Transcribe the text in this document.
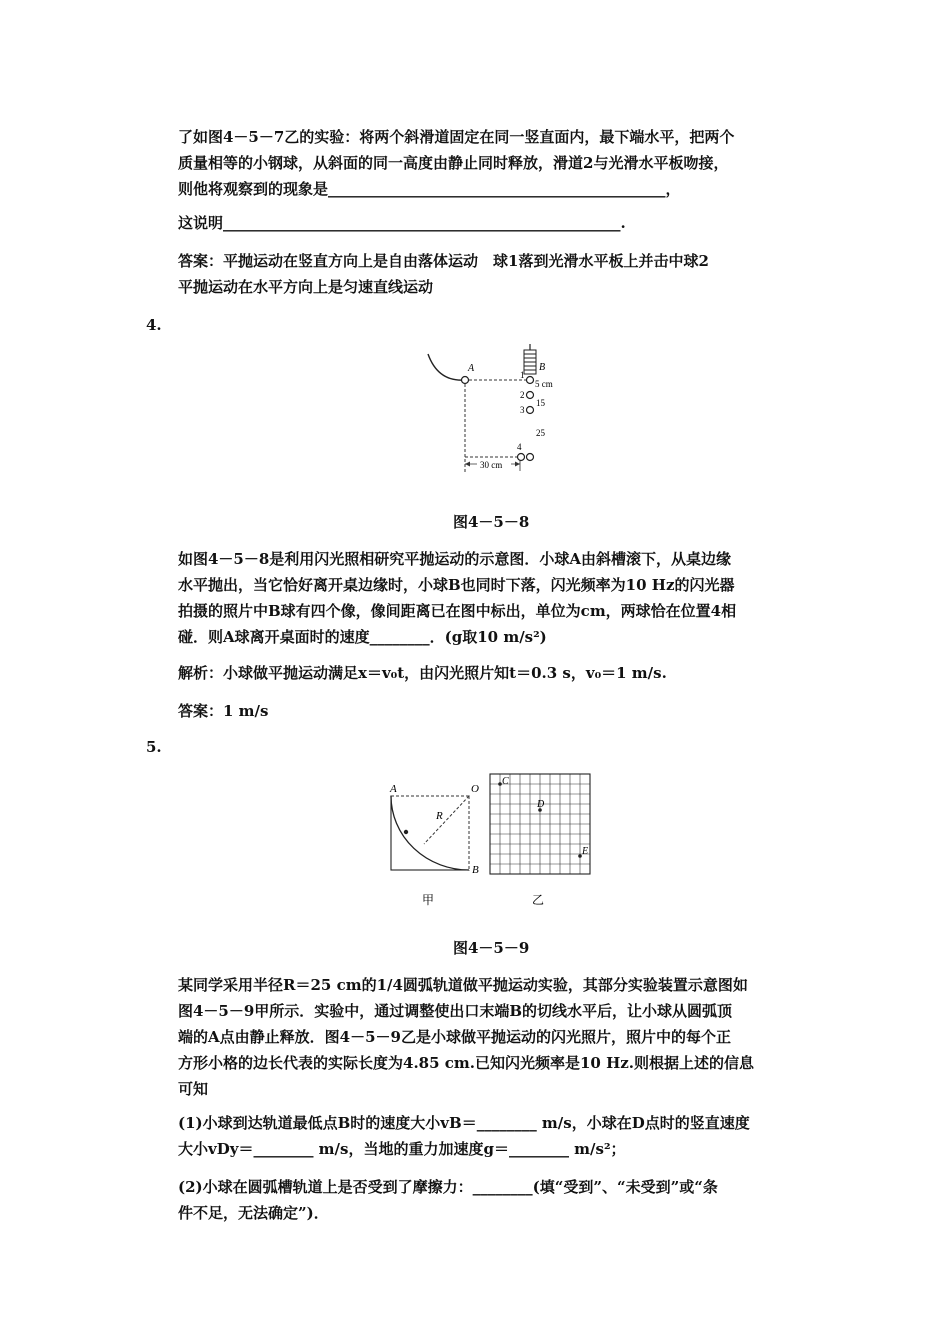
了如图4－5－7乙的实验：将两个斜滑道固定在同一竖直面内，最下端水平，把两个
质量相等的小钢球，从斜面的同一高度由静止同时释放，滑道2与光滑水平板吻接，
则他将观察到的现象是_____________________________________________，
这说明_____________________________________________________.
答案：平抛运动在竖直方向上是自由落体运动　球1落到光滑水平板上并击中球2
平抛运动在水平方向上是匀速直线运动
4.
A
30 cm
B
1
2
3
4
5 cm
15
25
图4－5－8
如图4－5－8是利用闪光照相研究平抛运动的示意图．小球A由斜槽滚下，从桌边缘
水平抛出，当它恰好离开桌边缘时，小球B也同时下落，闪光频率为10 Hz的闪光器
拍摄的照片中B球有四个像，像间距离已在图中标出，单位为cm，两球恰在位置4相
碰．则A球离开桌面时的速度________．(g取10 m/s²)
解析：小球做平抛运动满足x＝v₀t，由闪光照片知t＝0.3 s，v₀＝1 m/s.
答案：1 m/s
5.
A	O
R
B
甲
C
D
E
乙
图4－5－9
某同学采用半径R＝25 cm的1/4圆弧轨道做平抛运动实验，其部分实验装置示意图如
图4－5－9甲所示．实验中，通过调整使出口末端B的切线水平后，让小球从圆弧顶
端的A点由静止释放．图4－5－9乙是小球做平抛运动的闪光照片，照片中的每个正
方形小格的边长代表的实际长度为4.85 cm.已知闪光频率是10 Hz.则根据上述的信息
可知
(1)小球到达轨道最低点B时的速度大小vB＝________ m/s，小球在D点时的竖直速度
大小vDy＝________ m/s，当地的重力加速度g＝________ m/s²；
(2)小球在圆弧槽轨道上是否受到了摩擦力：________(填“受到”、“未受到”或“条
件不足，无法确定”)．
